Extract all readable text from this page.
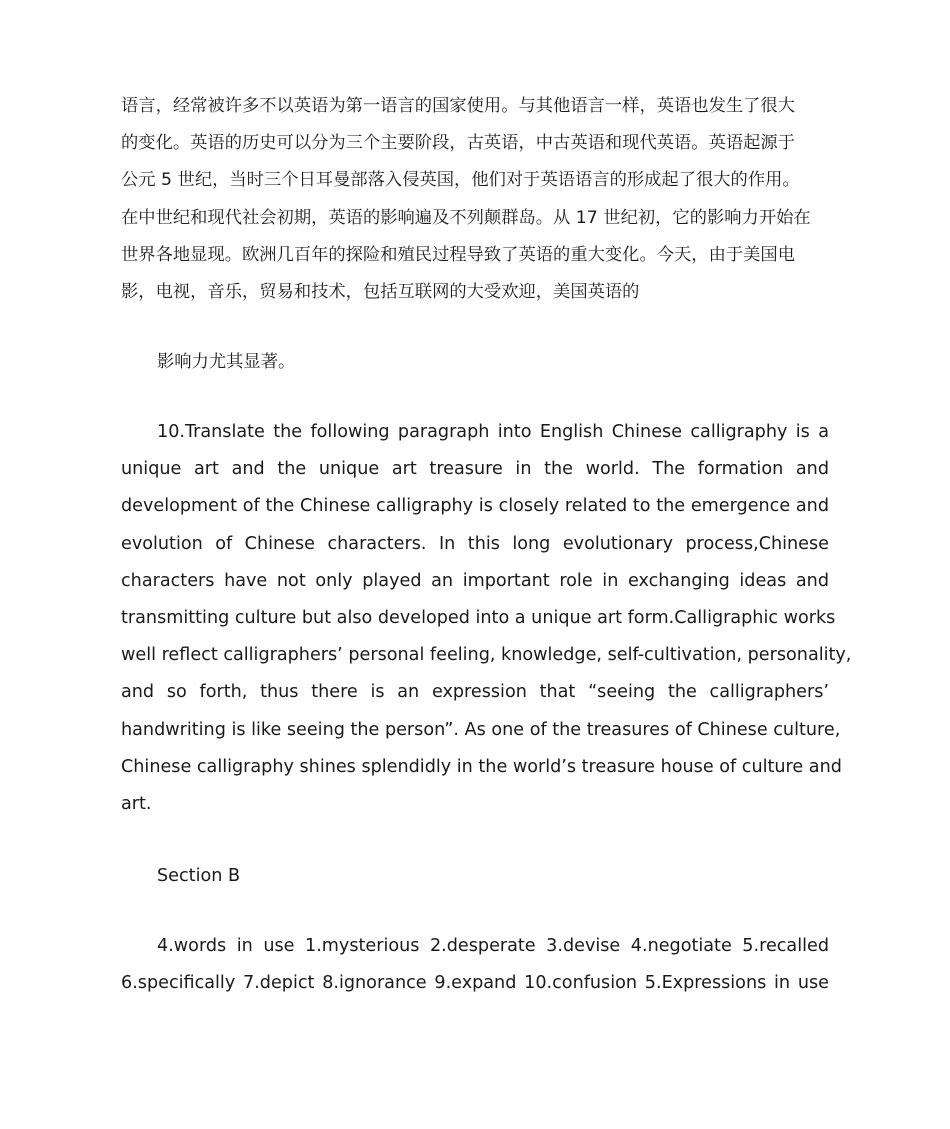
语言，经常被许多不以英语为第一语言的国家使用。与其他语言一样，英语也发生了很大
的变化。英语的历史可以分为三个主要阶段，古英语，中古英语和现代英语。英语起源于
公元 5 世纪，当时三个日耳曼部落入侵英国，他们对于英语语言的形成起了很大的作用。
在中世纪和现代社会初期，英语的影响遍及不列颠群岛。从 17 世纪初，它的影响力开始在
世界各地显现。欧洲几百年的探险和殖民过程导致了英语的重大变化。今天，由于美国电
影，电视，音乐，贸易和技术，包括互联网的大受欢迎，美国英语的

影响力尤其显著。

10.Translate the following paragraph into English Chinese calligraphy is a
unique art and the unique art treasure in the world. The formation and
development of the Chinese calligraphy is closely related to the emergence and
evolution of Chinese characters. In this long evolutionary process,Chinese
characters have not only played an important role in exchanging ideas and
transmitting culture but also developed into a unique art form.Calligraphic works
well reflect calligraphers’ personal feeling, knowledge, self-cultivation, personality,
and so forth, thus there is an expression that “seeing the calligraphers’
handwriting is like seeing the person”. As one of the treasures of Chinese culture,
Chinese calligraphy shines splendidly in the world’s treasure house of culture and
art.

Section B

4.words in use 1.mysterious 2.desperate 3.devise 4.negotiate 5.recalled
6.specifically 7.depict 8.ignorance 9.expand 10.confusion 5.Expressions in use
